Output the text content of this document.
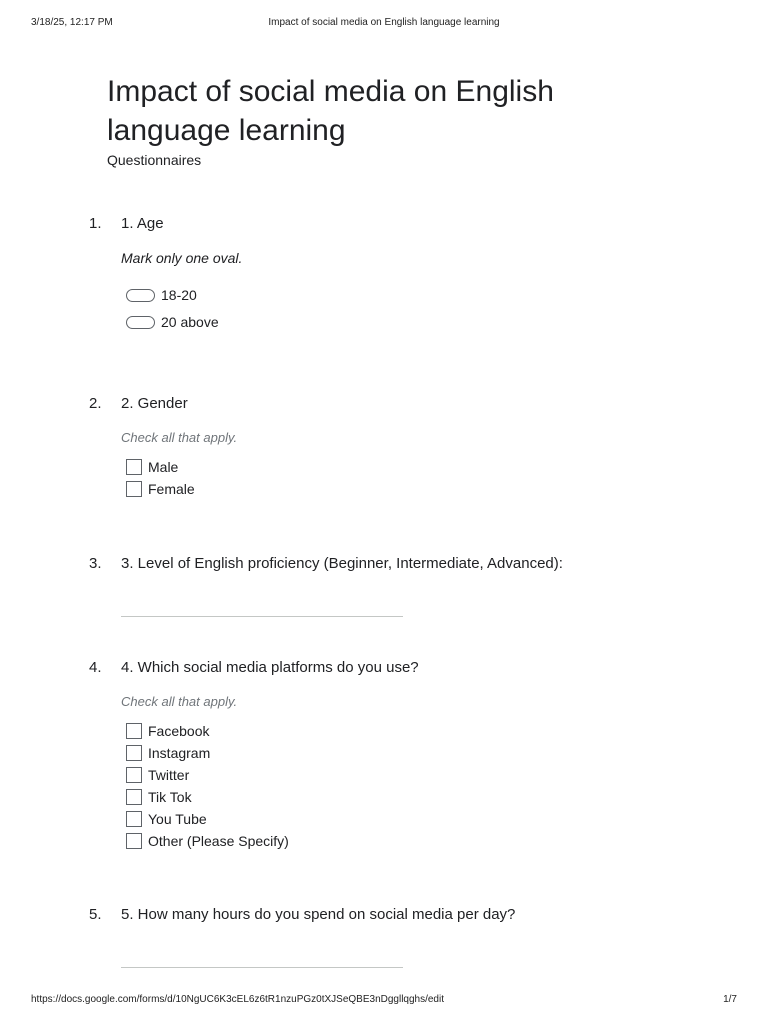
3/18/25, 12:17 PM	Impact of social media on English language learning
Impact of social media on English language learning
Questionnaires
1. 1. Age
Mark only one oval.
18-20
20 above
2. 2. Gender
Check all that apply.
Male
Female
3. 3. Level of English proficiency (Beginner, Intermediate, Advanced):
4. 4. Which social media platforms do you use?
Check all that apply.
Facebook
Instagram
Twitter
Tik Tok
You Tube
Other (Please Specify)
5. 5. How many hours do you spend on social media per day?
https://docs.google.com/forms/d/10NgUC6K3cEL6z6tR1nzuPGz0tXJSeQBE3nDggllqghs/edit	1/7
